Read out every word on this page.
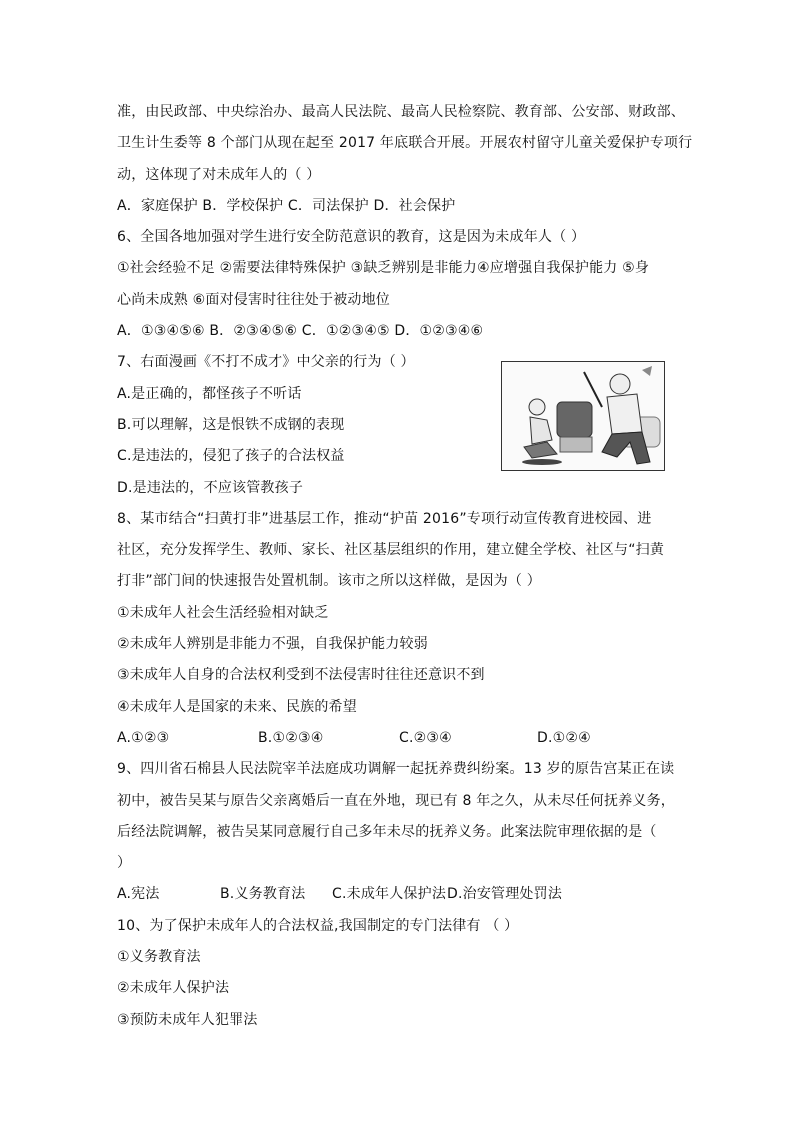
准，由民政部、中央综治办、最高人民法院、最高人民检察院、教育部、公安部、财政部、
卫生计生委等 8 个部门从现在起至 2017 年底联合开展。开展农村留守儿童关爱保护专项行
动，这体现了对未成年人的（ ）
A．家庭保护 B．学校保护 C．司法保护 D．社会保护
6、全国各地加强对学生进行安全防范意识的教育，这是因为未成年人（ ）
①社会经验不足 ②需要法律特殊保护 ③缺乏辨别是非能力④应增强自我保护能力 ⑤身
心尚未成熟 ⑥面对侵害时往往处于被动地位
A．①③④⑤⑥ B．②③④⑤⑥ C．①②③④⑤ D．①②③④⑥
7、右面漫画《不打不成才》中父亲的行为（ ）
A.是正确的，都怪孩子不听话
B.可以理解，这是恨铁不成钢的表现
C.是违法的，侵犯了孩子的合法权益
D.是违法的，不应该管教孩子
8、某市结合“扫黄打非”进基层工作，推动“护苗 2016”专项行动宣传教育进校园、进
社区，充分发挥学生、教师、家长、社区基层组织的作用，建立健全学校、社区与“扫黄
打非”部门间的快速报告处置机制。该市之所以这样做，是因为（ ）
①未成年人社会生活经验相对缺乏
②未成年人辨别是非能力不强，自我保护能力较弱
③未成年人自身的合法权利受到不法侵害时往往还意识不到
④未成年人是国家的未来、民族的希望
A.①②③	B.①②③④	C.②③④	D.①②④
9、四川省石棉县人民法院宰羊法庭成功调解一起抚养费纠纷案。13 岁的原告宫某正在读
初中，被告吴某与原告父亲离婚后一直在外地，现已有 8 年之久，从未尽任何抚养义务，
后经法院调解，被告吴某同意履行自己多年未尽的抚养义务。此案法院审理依据的是（
）
A.宪法	B.义务教育法 C.未成年人保护法D.治安管理处罚法
10、为了保护未成年人的合法权益,我国制定的专门法律有 （ ）
①义务教育法
②未成年人保护法
③预防未成年人犯罪法
